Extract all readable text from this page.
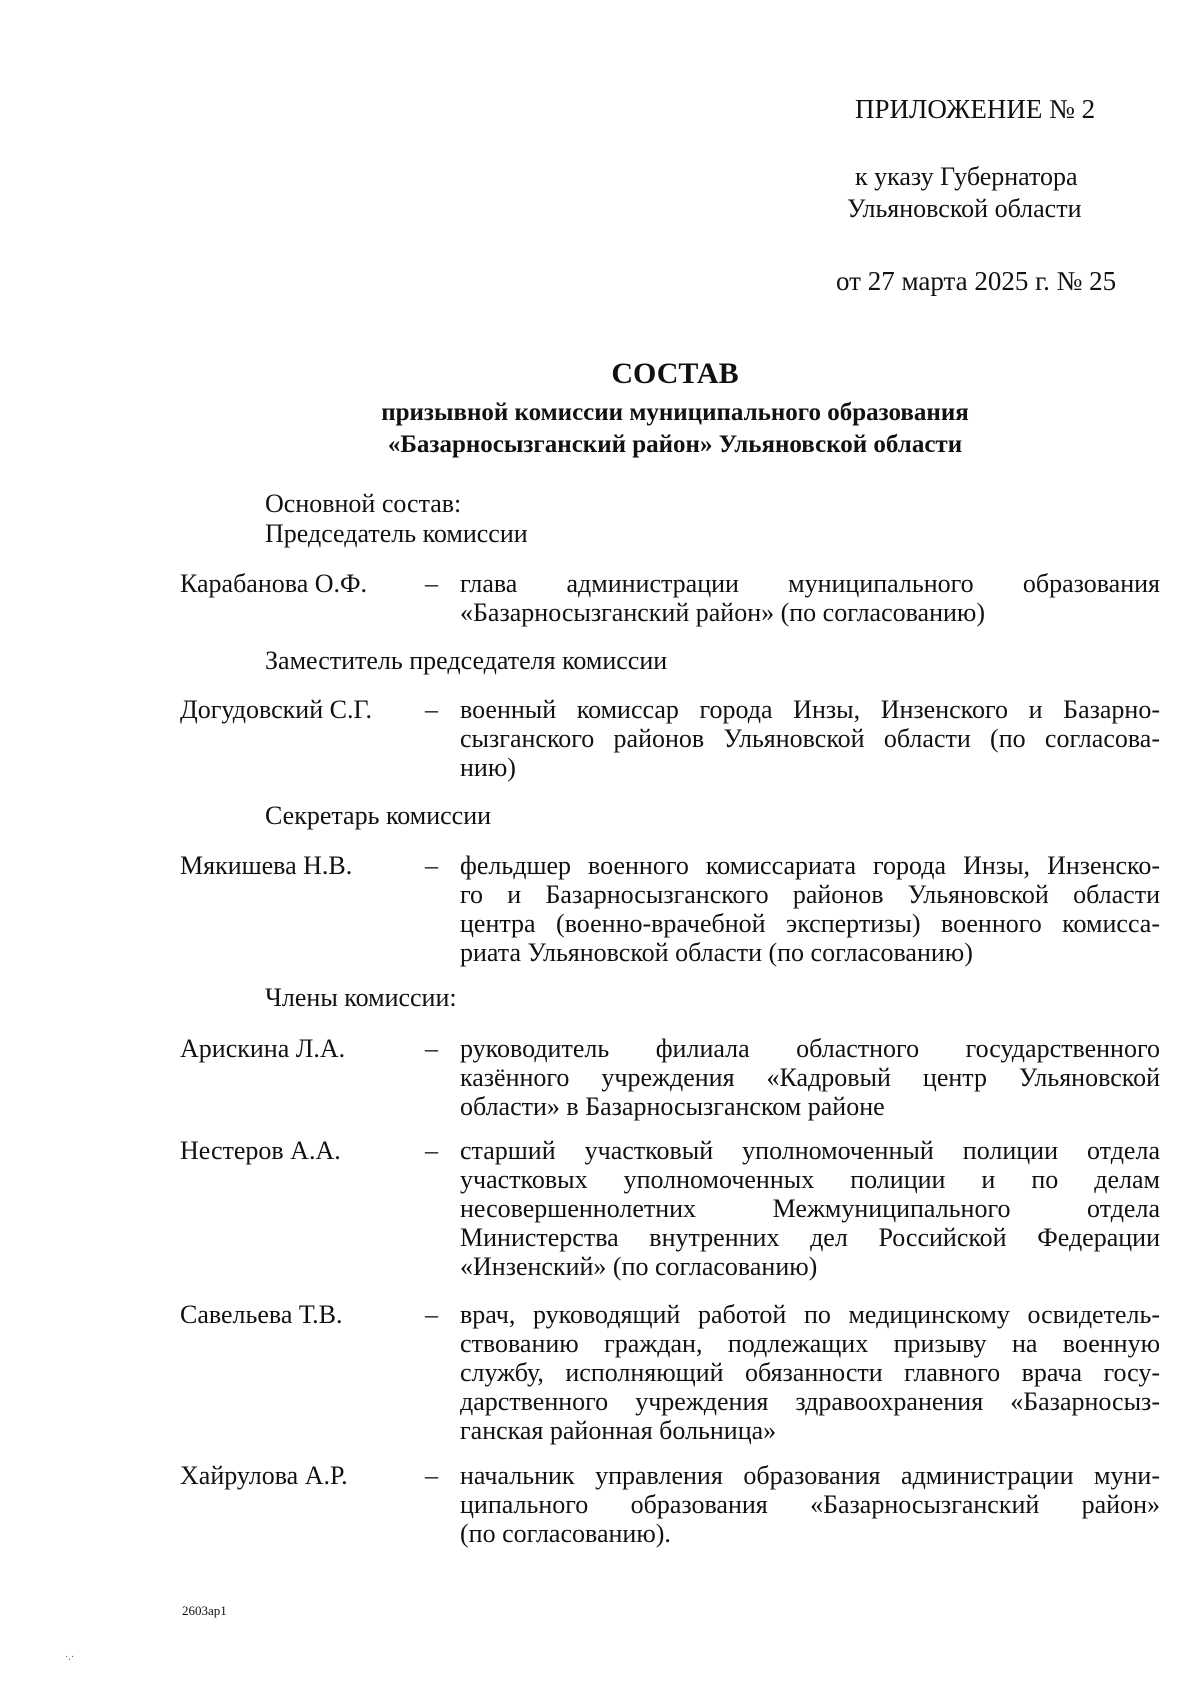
ПРИЛОЖЕНИЕ № 2
к указу Губернатора
Ульяновской области
от 27 марта 2025 г. № 25
СОСТАВ
призывной комиссии муниципального образования
«Базарносызганский район» Ульяновской области
Основной состав:
Председатель комиссии
Карабанова О.Ф. – глава администрации муниципального образования
«Базарносызганский район» (по согласованию)
Заместитель председателя комиссии
Догудовский С.Г. – военный комиссар города Инзы, Инзенского и Базарно-
сызганского районов Ульяновской области (по согласова-
нию)
Секретарь комиссии
Мякишева Н.В.	– фельдшер военного комиссариата города Инзы, Инзенско-
го и Базарносызганского районов Ульяновской области
центра (военно-врачебной экспертизы) военного комисса-
риата Ульяновской области (по согласованию)
Члены комиссии:
Арискина Л.А.	– руководитель филиала областного государственного
казённого учреждения «Кадровый центр Ульяновской
области» в Базарносызганском районе
Нестеров А.А.	– старший участковый уполномоченный полиции отдела
участковых уполномоченных полиции и по делам
несовершеннолетних Межмуниципального отдела
Министерства внутренних дел Российской Федерации
«Инзенский» (по согласованию)
Савельева Т.В.	– врач, руководящий работой по медицинскому освидетель-
ствованию граждан, подлежащих призыву на военную
службу, исполняющий обязанности главного врача госу-
дарственного учреждения здравоохранения «Базарносыз-
ганская районная больница»
Хайрулова А.Р.	– начальник управления образования администрации муни-
ципального образования «Базарносызганский район»
(по согласованию).
2603ap1
·.·
